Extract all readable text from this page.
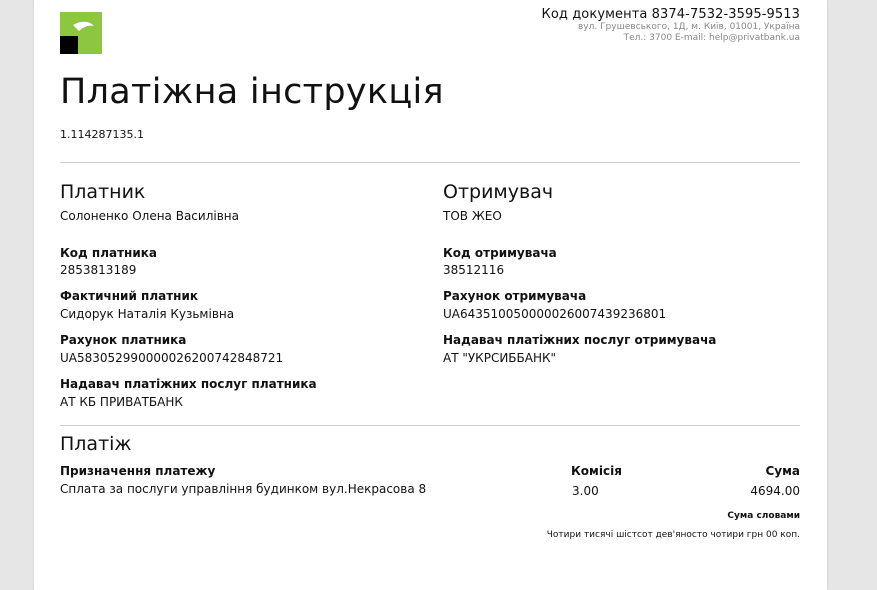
Код документа 8374-7532-3595-9513
вул. Грушевського, 1Д, м. Київ, 01001, Україна
Тел.: 3700 E-mail: help@privatbank.ua
Платіжна інструкція
1.114287135.1
Платник
Солоненко Олена Василівна
Код платника
2853813189
Фактичний платник
Сидорук Наталія Кузьмівна
Рахунок платника
UA583052990000026200742848721
Надавач платіжних послуг платника
АТ КБ ПРИВАТБАНК
Отримувач
ТОВ ЖЕО
Код отримувача
38512116
Рахунок отримувача
UA643510050000026007439236801
Надавач платіжних послуг отримувача
АТ "УКРСИББАНК"
Платіж
Призначення платежу
Сплата за послуги управління будинком вул.Некрасова 8
Комісія
3.00
Сума
4694.00
Сума словами
Чотири тисячі шістсот дев'яносто чотири грн 00 коп.
